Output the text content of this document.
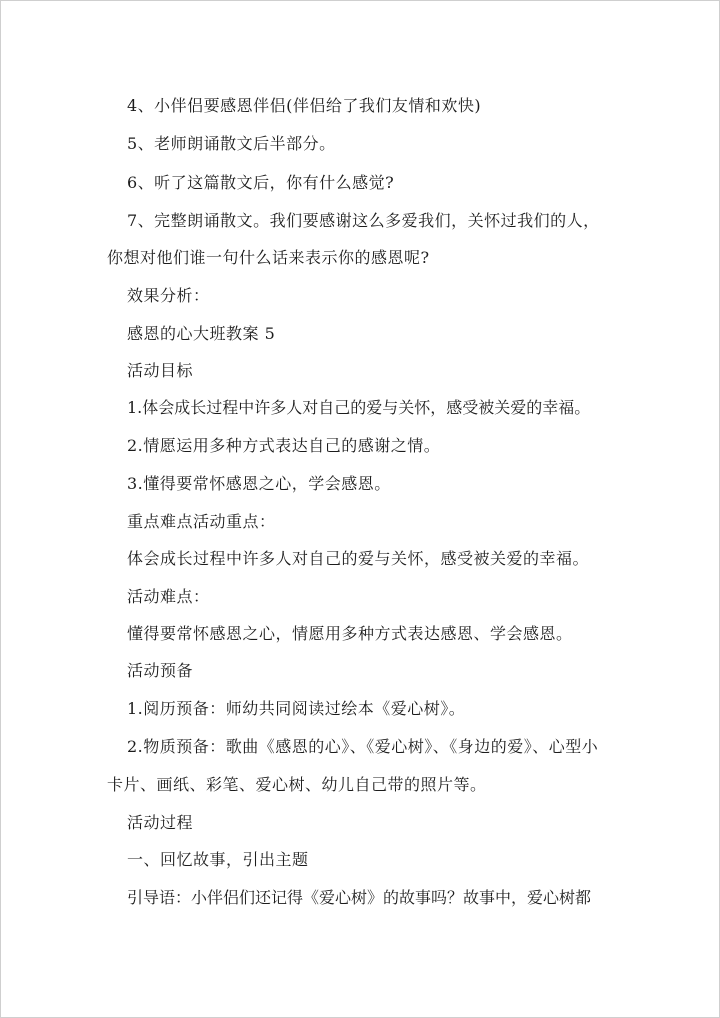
4、小伴侣要感恩伴侣(伴侣给了我们友情和欢快)
5、老师朗诵散文后半部分。
6、听了这篇散文后，你有什么感觉?
7、完整朗诵散文。我们要感谢这么多爱我们，关怀过我们的人，
你想对他们谁一句什么话来表示你的感恩呢?
效果分析：
感恩的心大班教案 5
活动目标
1.体会成长过程中许多人对自己的爱与关怀，感受被关爱的幸福。
2.情愿运用多种方式表达自己的感谢之情。
3.懂得要常怀感恩之心，学会感恩。
重点难点活动重点：
体会成长过程中许多人对自己的爱与关怀，感受被关爱的幸福。
活动难点：
懂得要常怀感恩之心，情愿用多种方式表达感恩、学会感恩。
活动预备
1.阅历预备：师幼共同阅读过绘本《爱心树》。
2.物质预备：歌曲《感恩的心》、《爱心树》、《身边的爱》、心型小
卡片、画纸、彩笔、爱心树、幼儿自己带的照片等。
活动过程
一、回忆故事，引出主题
引导语：小伴侣们还记得《爱心树》的故事吗？故事中，爱心树都
